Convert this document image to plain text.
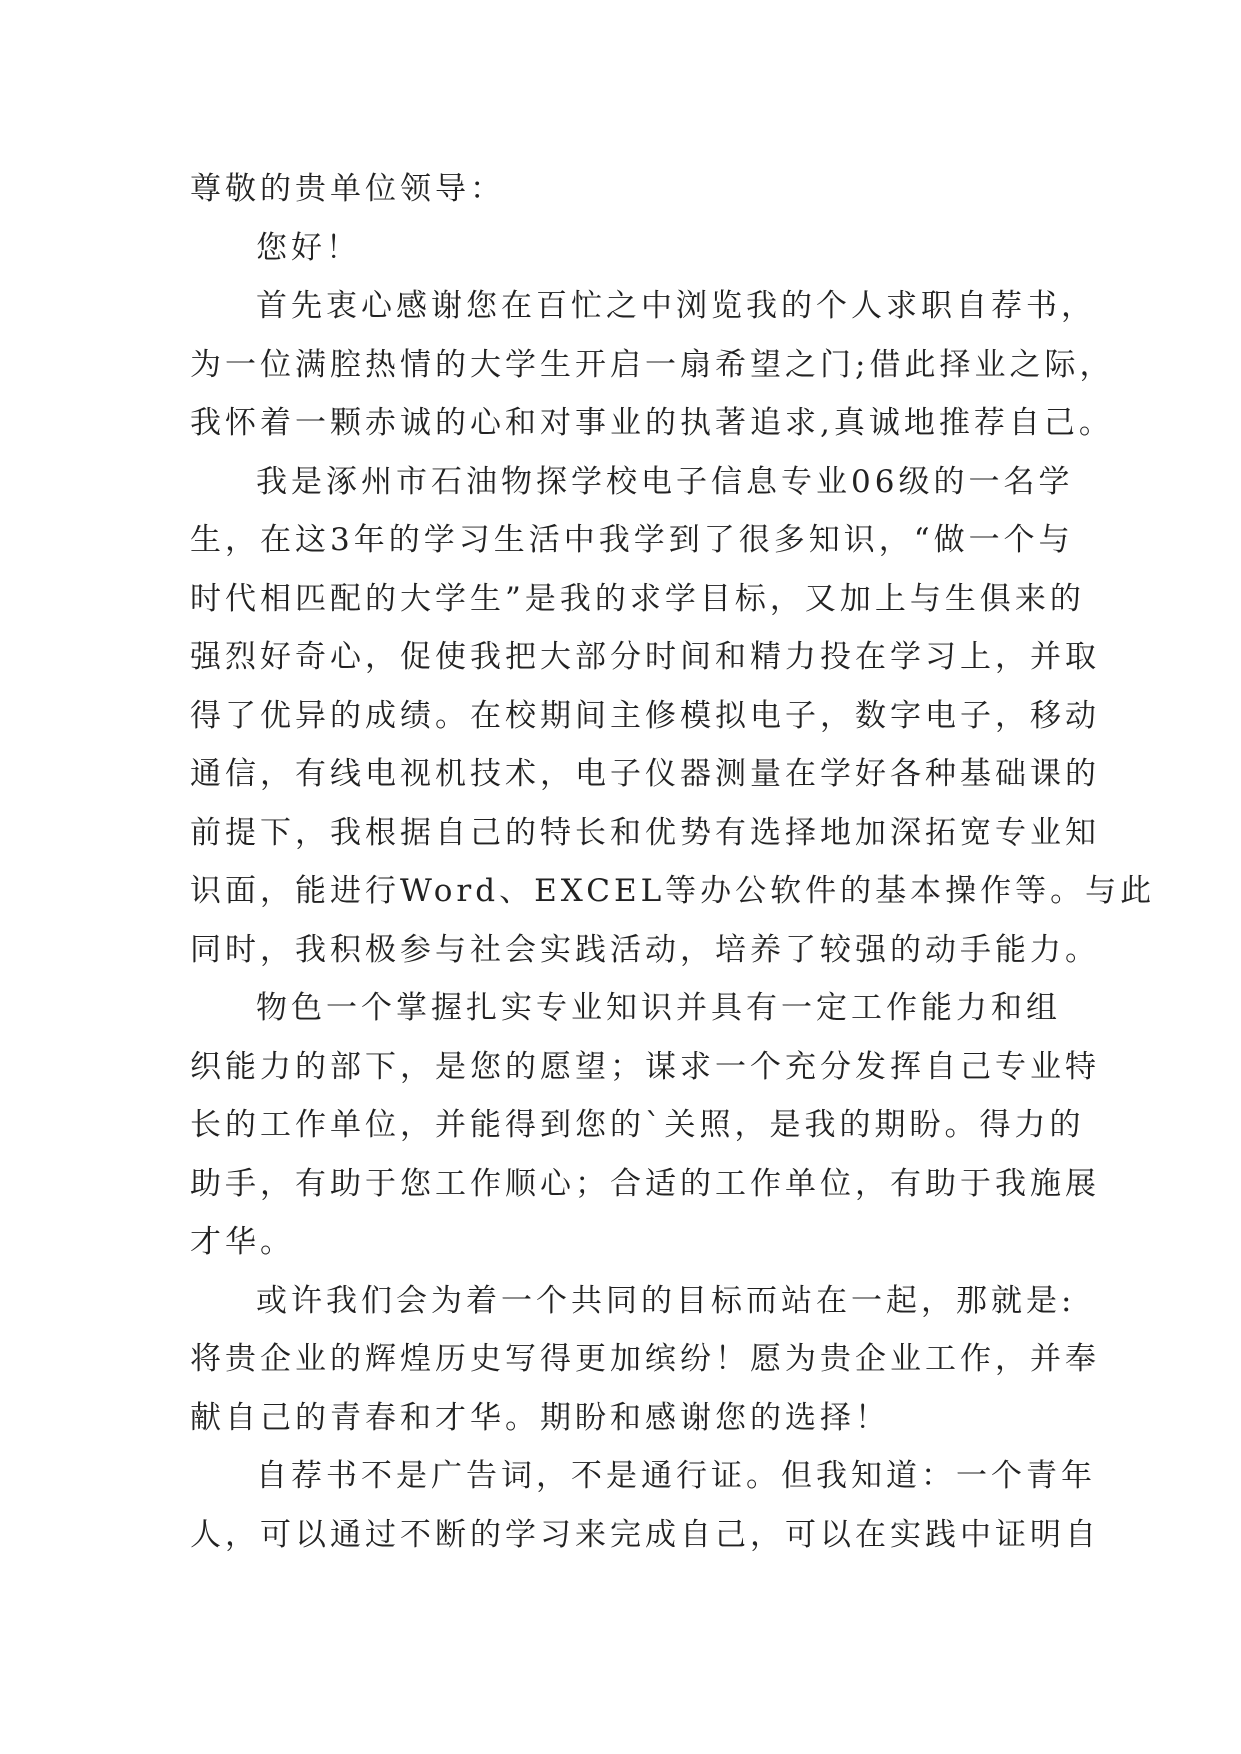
尊敬的贵单位领导：
您好！
首先衷心感谢您在百忙之中浏览我的个人求职自荐书，
为一位满腔热情的大学生开启一扇希望之门;借此择业之际，
我怀着一颗赤诚的心和对事业的执著追求,真诚地推荐自己。
我是涿州市石油物探学校电子信息专业06级的一名学
生，在这3年的学习生活中我学到了很多知识，“做一个与
时代相匹配的大学生”是我的求学目标，又加上与生俱来的
强烈好奇心，促使我把大部分时间和精力投在学习上，并取
得了优异的成绩。在校期间主修模拟电子，数字电子，移动
通信，有线电视机技术，电子仪器测量在学好各种基础课的
前提下，我根据自己的特长和优势有选择地加深拓宽专业知
识面，能进行Word、EXCEL等办公软件的基本操作等。与此
同时，我积极参与社会实践活动，培养了较强的动手能力。
物色一个掌握扎实专业知识并具有一定工作能力和组
织能力的部下，是您的愿望；谋求一个充分发挥自己专业特
长的工作单位，并能得到您的`关照，是我的期盼。得力的
助手，有助于您工作顺心；合适的工作单位，有助于我施展
才华。
或许我们会为着一个共同的目标而站在一起，那就是:
将贵企业的辉煌历史写得更加缤纷！愿为贵企业工作，并奉
献自己的青春和才华。期盼和感谢您的选择！
自荐书不是广告词，不是通行证。但我知道：一个青年
人，可以通过不断的学习来完成自己，可以在实践中证明自
